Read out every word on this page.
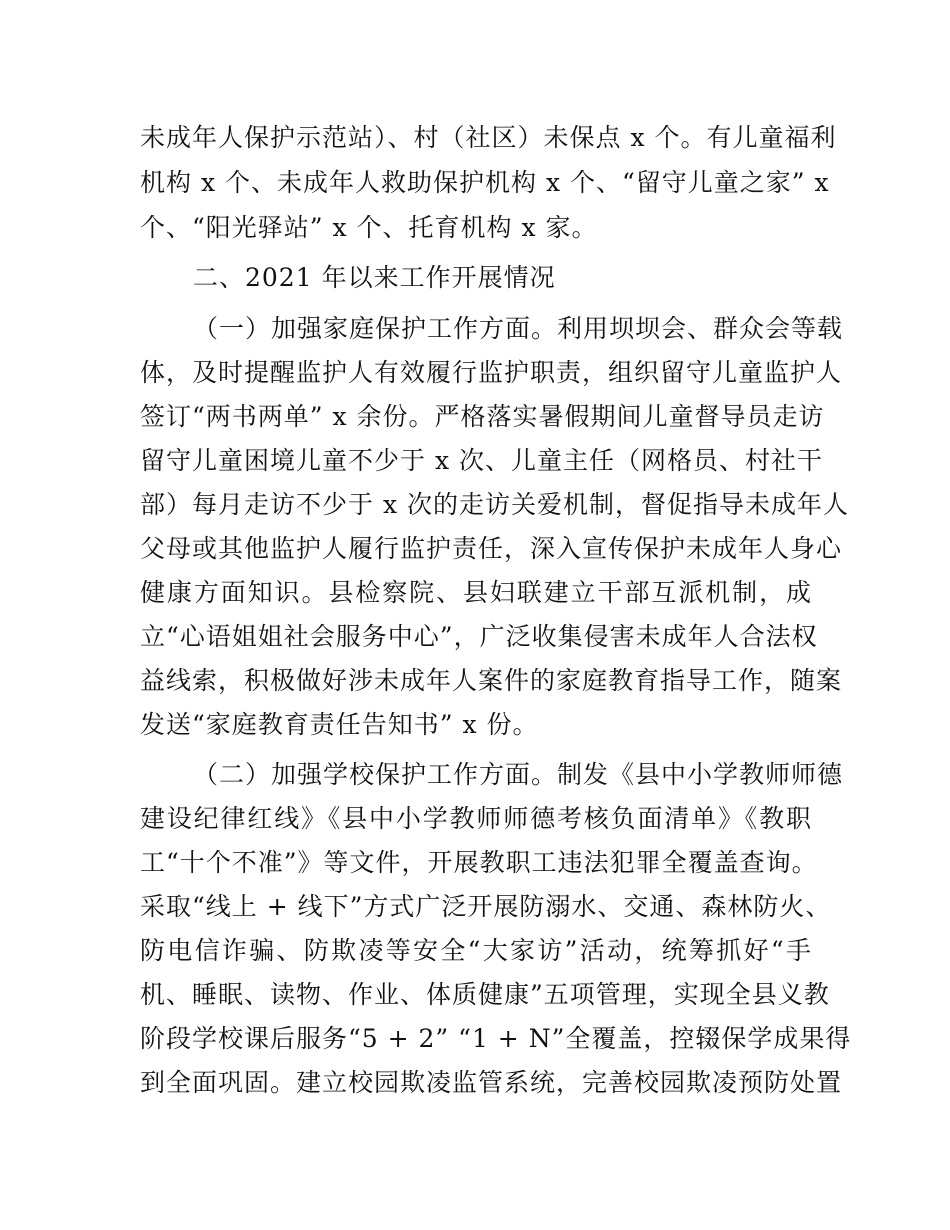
未成年人保护示范站）、村（社区）未保点 x 个。有儿童福利
机构 x 个、未成年人救助保护机构 x 个、“留守儿童之家” x
个、“阳光驿站” x 个、托育机构 x 家。
二、2021 年以来工作开展情况
（一）加强家庭保护工作方面。利用坝坝会、群众会等载
体，及时提醒监护人有效履行监护职责，组织留守儿童监护人
签订“两书两单” x 余份。严格落实暑假期间儿童督导员走访
留守儿童困境儿童不少于 x 次、儿童主任（网格员、村社干
部）每月走访不少于 x 次的走访关爱机制，督促指导未成年人
父母或其他监护人履行监护责任，深入宣传保护未成年人身心
健康方面知识。县检察院、县妇联建立干部互派机制，成
立“心语姐姐社会服务中心”，广泛收集侵害未成年人合法权
益线索，积极做好涉未成年人案件的家庭教育指导工作，随案
发送“家庭教育责任告知书” x 份。
（二）加强学校保护工作方面。制发《县中小学教师师德
建设纪律红线》《县中小学教师师德考核负面清单》《教职
工“十个不准”》等文件，开展教职工违法犯罪全覆盖查询。
采取“线上 + 线下”方式广泛开展防溺水、交通、森林防火、
防电信诈骗、防欺凌等安全“大家访”活动，统筹抓好“手
机、睡眠、读物、作业、体质健康”五项管理，实现全县义教
阶段学校课后服务“5 + 2” “1 + N”全覆盖，控辍保学成果得
到全面巩固。建立校园欺凌监管系统，完善校园欺凌预防处置
